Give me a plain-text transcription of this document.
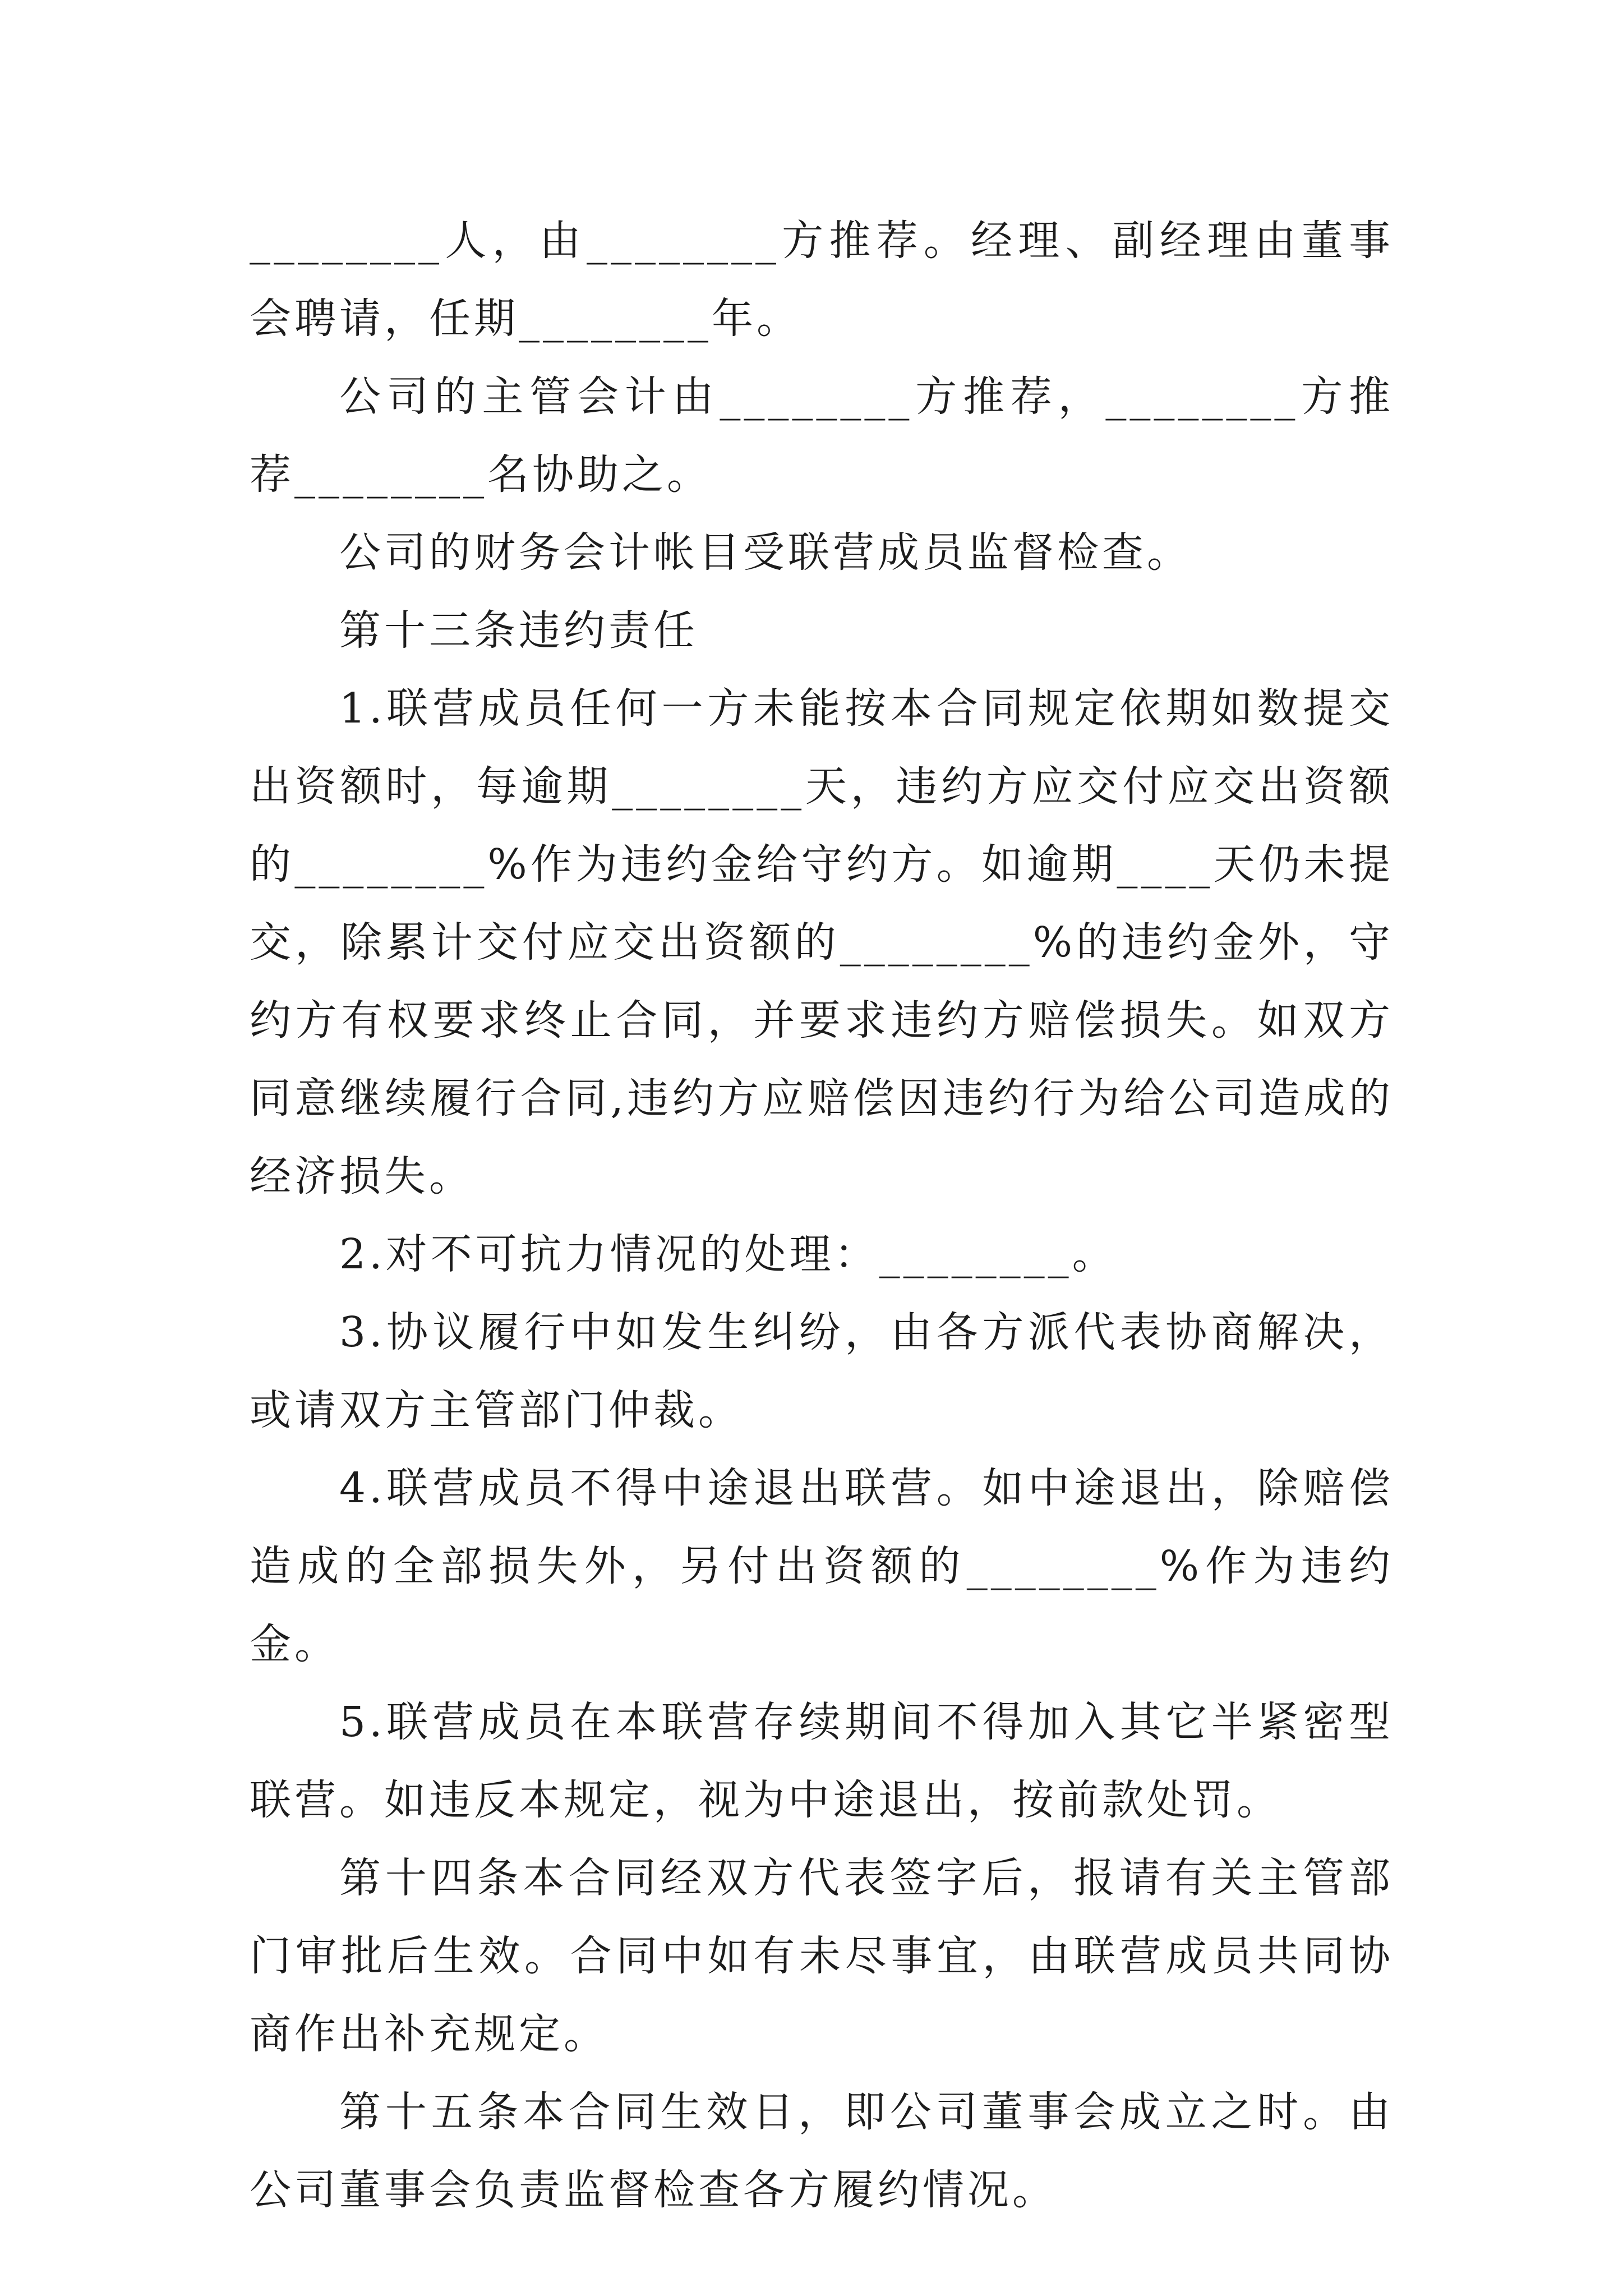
________人，由________方推荐。经理、副经理由董事会聘请，任期________年。

公司的主管会计由________方推荐，________方推荐________名协助之。

公司的财务会计帐目受联营成员监督检查。

第十三条违约责任

1.联营成员任何一方未能按本合同规定依期如数提交出资额时，每逾期________天，违约方应交付应交出资额的________%作为违约金给守约方。如逾期____天仍未提交，除累计交付应交出资额的________%的违约金外，守约方有权要求终止合同，并要求违约方赔偿损失。如双方同意继续履行合同,违约方应赔偿因违约行为给公司造成的经济损失。

2.对不可抗力情况的处理：________。

3.协议履行中如发生纠纷，由各方派代表协商解决，或请双方主管部门仲裁。

4.联营成员不得中途退出联营。如中途退出，除赔偿造成的全部损失外，另付出资额的________%作为违约金。

5.联营成员在本联营存续期间不得加入其它半紧密型联营。如违反本规定，视为中途退出，按前款处罚。

第十四条本合同经双方代表签字后，报请有关主管部门审批后生效。合同中如有未尽事宜，由联营成员共同协商作出补充规定。

第十五条本合同生效日，即公司董事会成立之时。由公司董事会负责监督检查各方履约情况。
